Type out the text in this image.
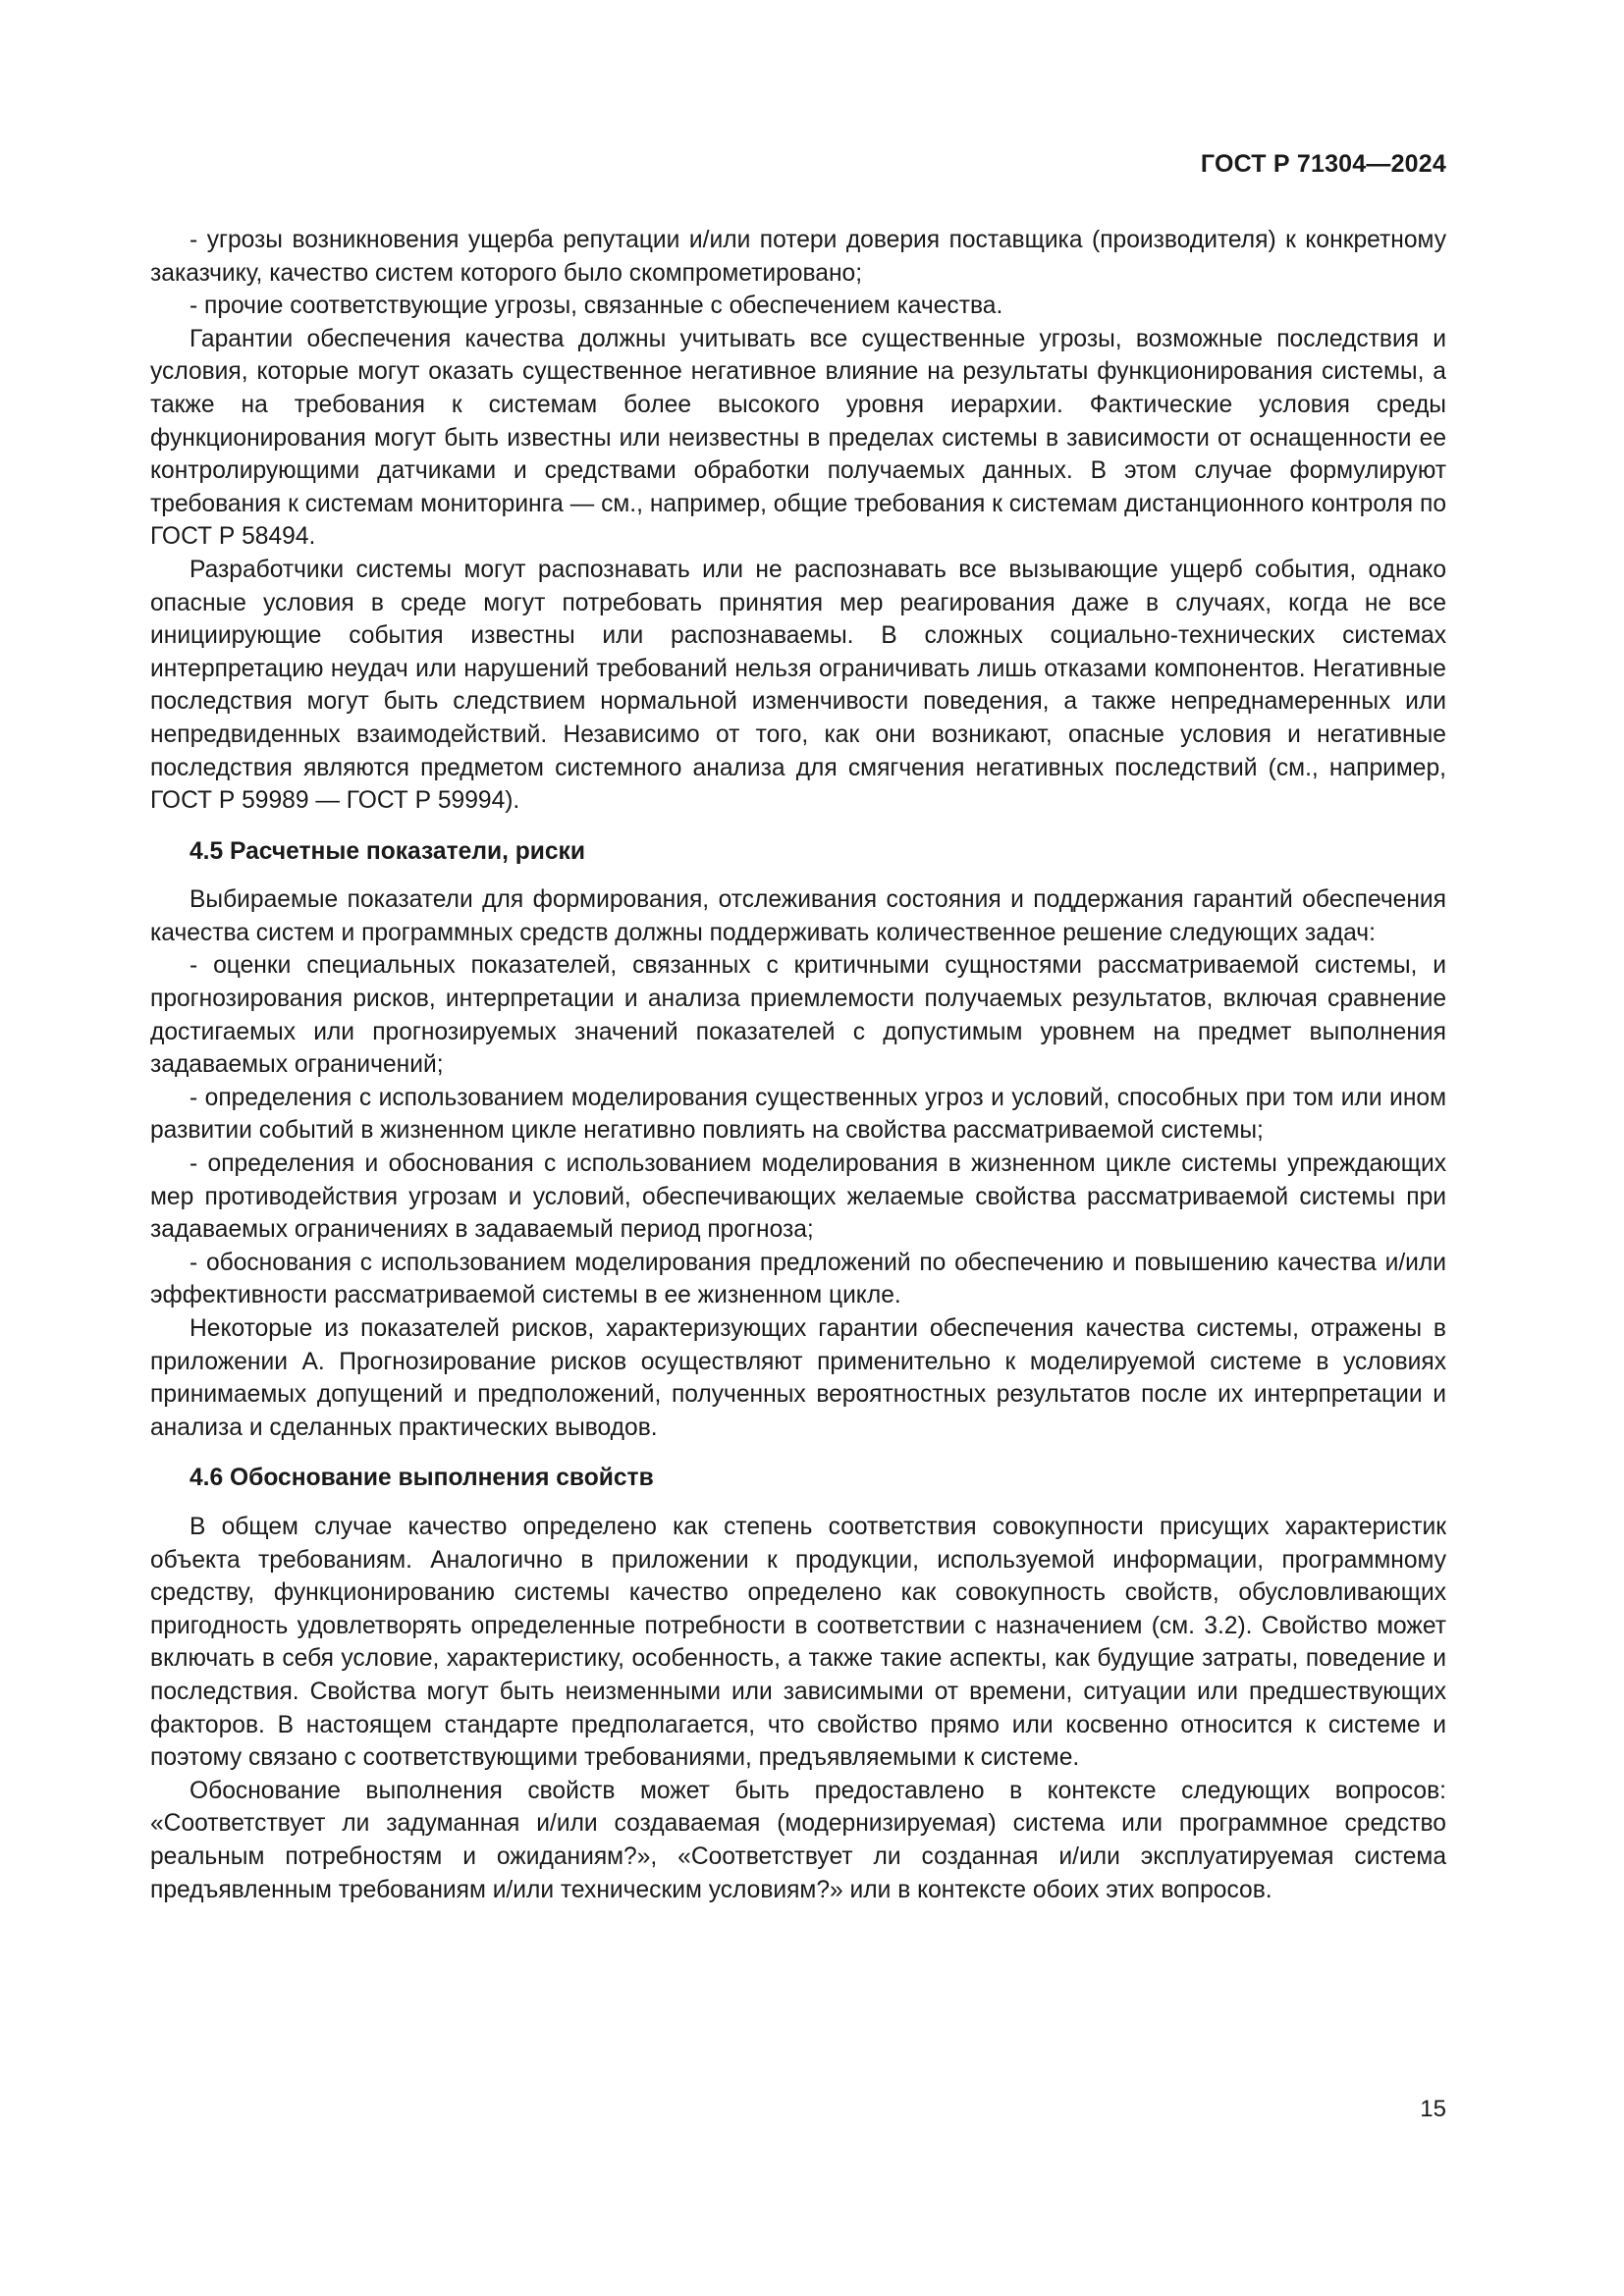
ГОСТ Р 71304—2024

- угрозы возникновения ущерба репутации и/или потери доверия поставщика (производителя) к конкретному заказчику, качество систем которого было скомпрометировано;

- прочие соответствующие угрозы, связанные с обеспечением качества.

Гарантии обеспечения качества должны учитывать все существенные угрозы, возможные последствия и условия, которые могут оказать существенное негативное влияние на результаты функционирования системы, а также на требования к системам более высокого уровня иерархии. Фактические условия среды функционирования могут быть известны или неизвестны в пределах системы в зависимости от оснащенности ее контролирующими датчиками и средствами обработки получаемых данных. В этом случае формулируют требования к системам мониторинга — см., например, общие требования к системам дистанционного контроля по ГОСТ Р 58494.

Разработчики системы могут распознавать или не распознавать все вызывающие ущерб события, однако опасные условия в среде могут потребовать принятия мер реагирования даже в случаях, когда не все инициирующие события известны или распознаваемы. В сложных социально-технических системах интерпретацию неудач или нарушений требований нельзя ограничивать лишь отказами компонентов. Негативные последствия могут быть следствием нормальной изменчивости поведения, а также непреднамеренных или непредвиденных взаимодействий. Независимо от того, как они возникают, опасные условия и негативные последствия являются предметом системного анализа для смягчения негативных последствий (см., например, ГОСТ Р 59989 — ГОСТ Р 59994).

4.5 Расчетные показатели, риски

Выбираемые показатели для формирования, отслеживания состояния и поддержания гарантий обеспечения качества систем и программных средств должны поддерживать количественное решение следующих задач:

- оценки специальных показателей, связанных с критичными сущностями рассматриваемой системы, и прогнозирования рисков, интерпретации и анализа приемлемости получаемых результатов, включая сравнение достигаемых или прогнозируемых значений показателей с допустимым уровнем на предмет выполнения задаваемых ограничений;

- определения с использованием моделирования существенных угроз и условий, способных при том или ином развитии событий в жизненном цикле негативно повлиять на свойства рассматриваемой системы;

- определения и обоснования с использованием моделирования в жизненном цикле системы упреждающих мер противодействия угрозам и условий, обеспечивающих желаемые свойства рассматриваемой системы при задаваемых ограничениях в задаваемый период прогноза;

- обоснования с использованием моделирования предложений по обеспечению и повышению качества и/или эффективности рассматриваемой системы в ее жизненном цикле.

Некоторые из показателей рисков, характеризующих гарантии обеспечения качества системы, отражены в приложении А. Прогнозирование рисков осуществляют применительно к моделируемой системе в условиях принимаемых допущений и предположений, полученных вероятностных результатов после их интерпретации и анализа и сделанных практических выводов.

4.6 Обоснование выполнения свойств

В общем случае качество определено как степень соответствия совокупности присущих характеристик объекта требованиям. Аналогично в приложении к продукции, используемой информации, программному средству, функционированию системы качество определено как совокупность свойств, обусловливающих пригодность удовлетворять определенные потребности в соответствии с назначением (см. 3.2). Свойство может включать в себя условие, характеристику, особенность, а также такие аспекты, как будущие затраты, поведение и последствия. Свойства могут быть неизменными или зависимыми от времени, ситуации или предшествующих факторов. В настоящем стандарте предполагается, что свойство прямо или косвенно относится к системе и поэтому связано с соответствующими требованиями, предъявляемыми к системе.

Обоснование выполнения свойств может быть предоставлено в контексте следующих вопросов: «Соответствует ли задуманная и/или создаваемая (модернизируемая) система или программное средство реальным потребностям и ожиданиям?», «Соответствует ли созданная и/или эксплуатируемая система предъявленным требованиям и/или техническим условиям?» или в контексте обоих этих вопросов.

15
